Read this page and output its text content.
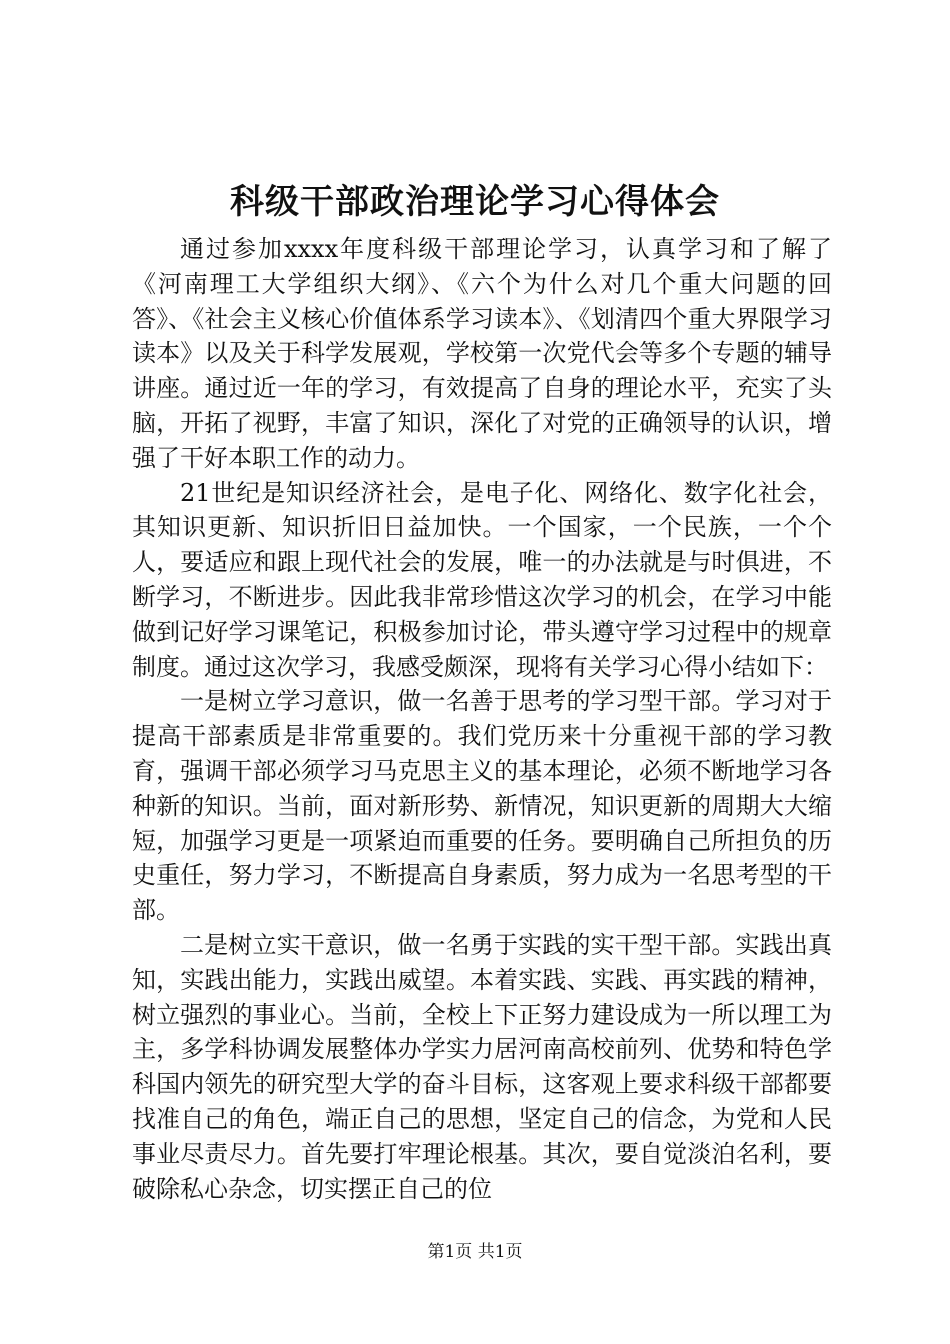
科级干部政治理论学习心得体会

通过参加xxxx年度科级干部理论学习，认真学习和了解了《河南理工大学组织大纲》、《六个为什么对几个重大问题的回答》、《社会主义核心价值体系学习读本》、《划清四个重大界限学习读本》以及关于科学发展观，学校第一次党代会等多个专题的辅导讲座。通过近一年的学习，有效提高了自身的理论水平，充实了头脑，开拓了视野，丰富了知识，深化了对党的正确领导的认识，增强了干好本职工作的动力。

21世纪是知识经济社会，是电子化、网络化、数字化社会，其知识更新、知识折旧日益加快。一个国家，一个民族，一个个人，要适应和跟上现代社会的发展，唯一的办法就是与时俱进，不断学习，不断进步。因此我非常珍惜这次学习的机会，在学习中能做到记好学习课笔记，积极参加讨论，带头遵守学习过程中的规章制度。通过这次学习，我感受颇深，现将有关学习心得小结如下：

一是树立学习意识，做一名善于思考的学习型干部。学习对于提高干部素质是非常重要的。我们党历来十分重视干部的学习教育，强调干部必须学习马克思主义的基本理论，必须不断地学习各种新的知识。当前，面对新形势、新情况，知识更新的周期大大缩短，加强学习更是一项紧迫而重要的任务。要明确自己所担负的历史重任，努力学习，不断提高自身素质，努力成为一名思考型的干部。

二是树立实干意识，做一名勇于实践的实干型干部。实践出真知，实践出能力，实践出威望。本着实践、实践、再实践的精神，树立强烈的事业心。当前，全校上下正努力建设成为一所以理工为主，多学科协调发展整体办学实力居河南高校前列、优势和特色学科国内领先的研究型大学的奋斗目标，这客观上要求科级干部都要找准自己的角色，端正自己的思想，坚定自己的信念，为党和人民事业尽责尽力。首先要打牢理论根基。其次，要自觉淡泊名利，要破除私心杂念，切实摆正自己的位

第1页 共1页
